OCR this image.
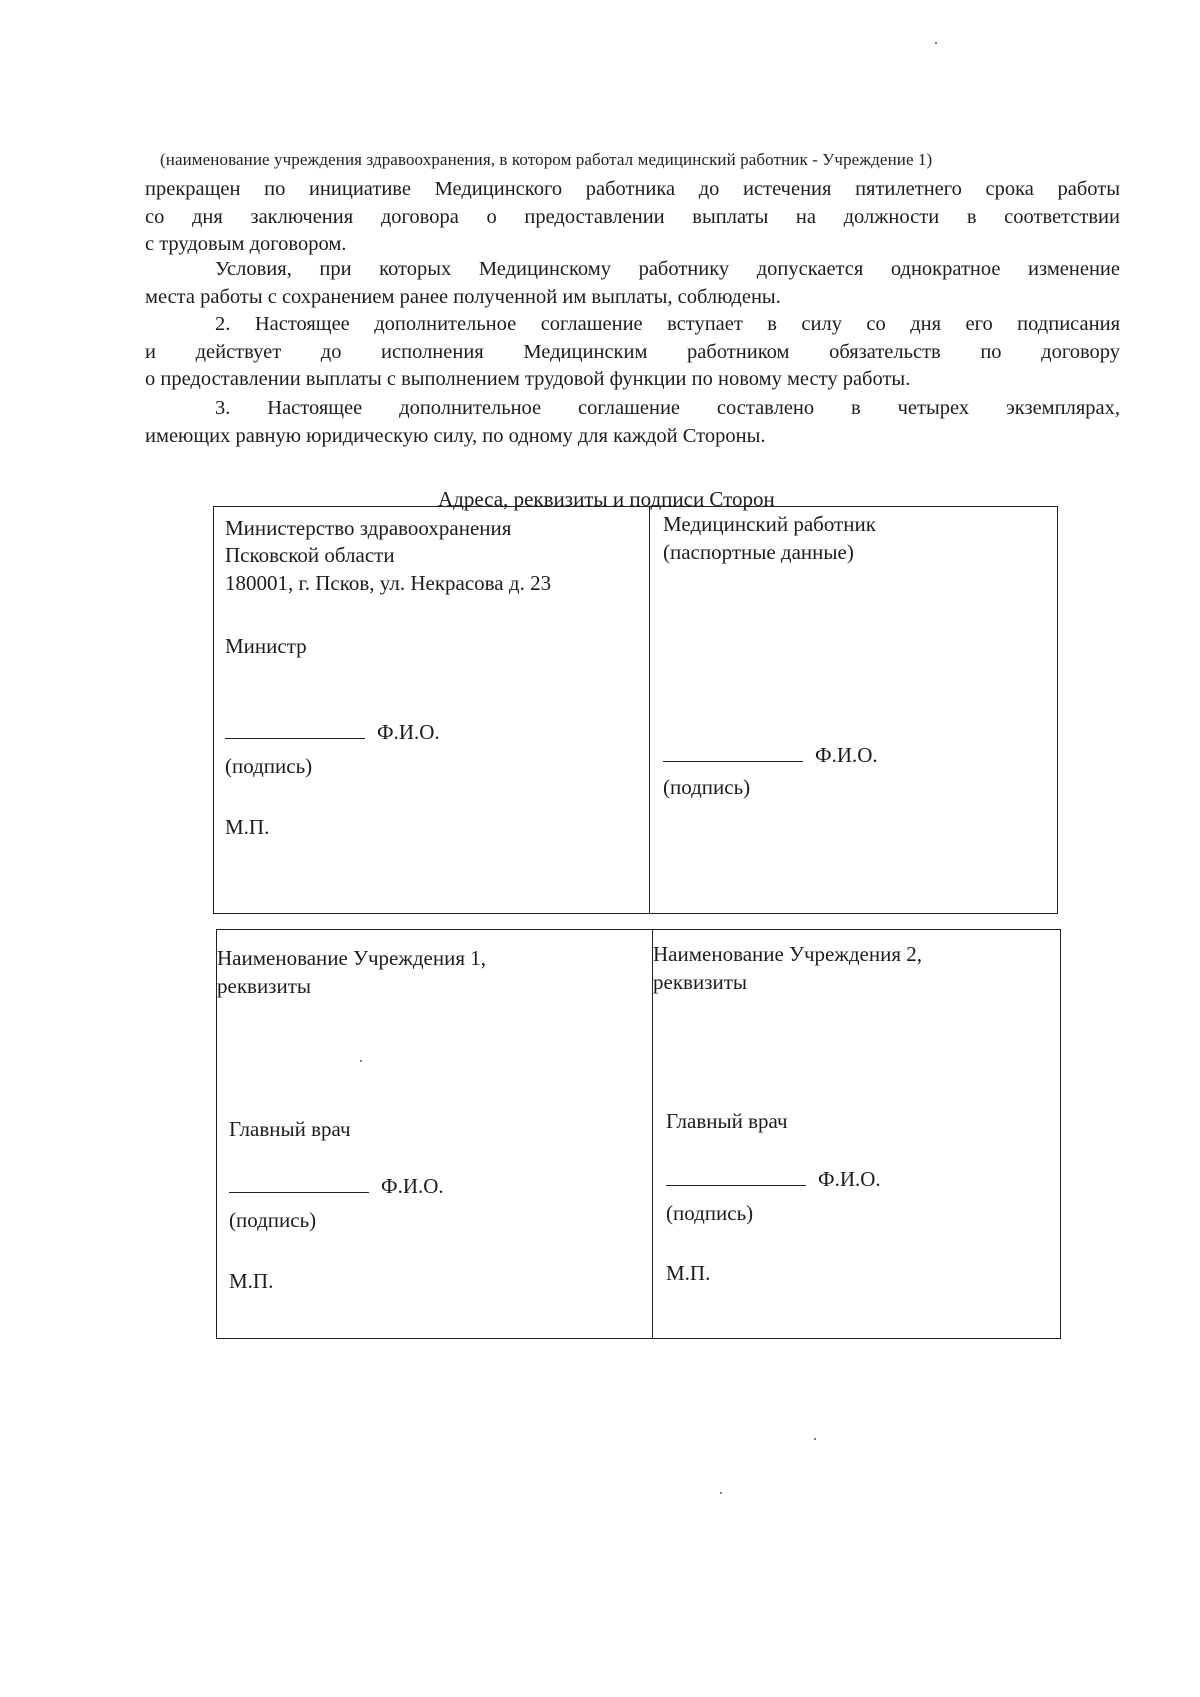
(наименование учреждения здравоохранения, в котором работал медицинский работник - Учреждение 1)
прекращен по инициативе Медицинского работника до истечения пятилетнего срока работы
со дня заключения договора о предоставлении выплаты на должности в соответствии
с трудовым договором.
Условия, при которых Медицинскому работнику допускается однократное изменение
места работы с сохранением ранее полученной им выплаты, соблюдены.
2. Настоящее дополнительное соглашение вступает в силу со дня его подписания
и действует до исполнения Медицинским работником обязательств по договору
о предоставлении выплаты с выполнением трудовой функции по новому месту работы.
3. Настоящее дополнительное соглашение составлено в четырех экземплярах,
имеющих равную юридическую силу, по одному для каждой Стороны.
Адреса, реквизиты и подписи Сторон
Министерство здравоохранения
Псковской области
180001, г. Псков, ул. Некрасова д. 23
Министр
Ф.И.О.
(подпись)
М.П.
Медицинский работник
(паспортные данные)
Ф.И.О.
(подпись)
Наименование Учреждения 1,
реквизиты
Главный врач
Ф.И.О.
(подпись)
М.П.
Наименование Учреждения 2,
реквизиты
Главный врач
Ф.И.О.
(подпись)
М.П.
